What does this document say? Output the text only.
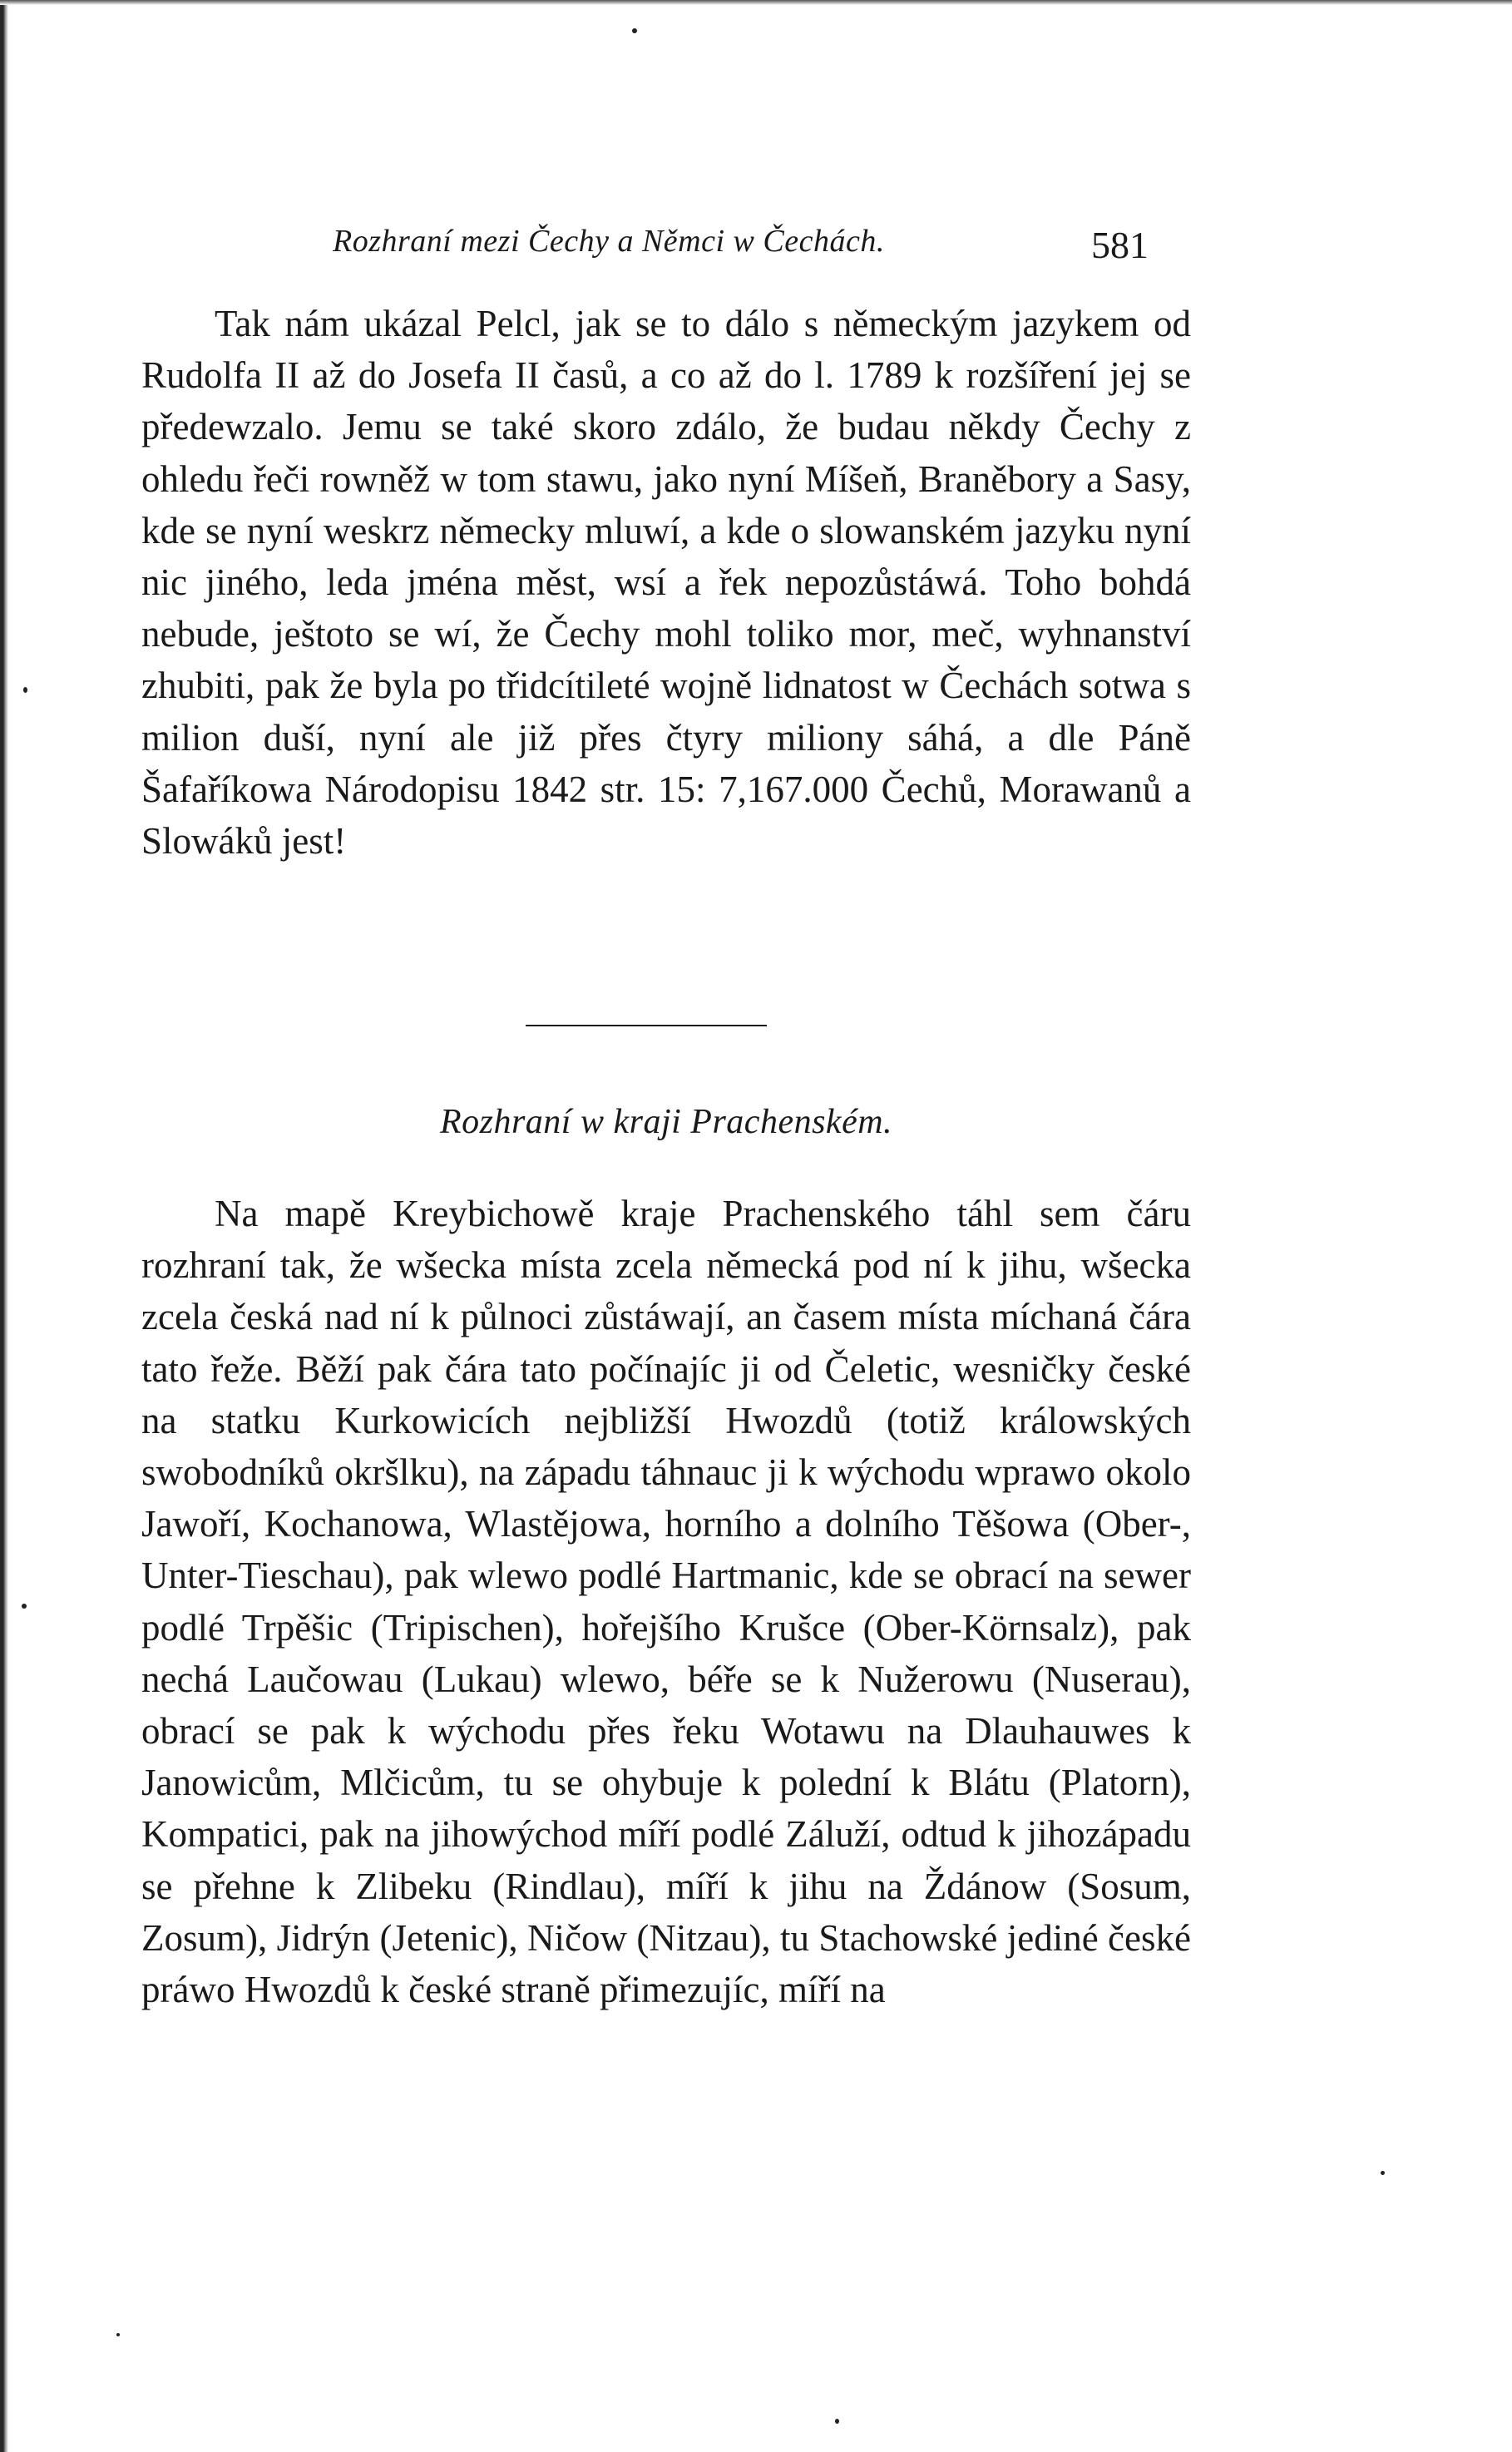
Rozhraní mezi Čechy a Němci w Čechách.	581

Tak nám ukázal Pelcl, jak se to dálo s německým jazykem od Rudolfa II až do Josefa II časů, a co až do l. 1789 k rozšíření jej se předewzalo. Jemu se také skoro zdálo, že budau někdy Čechy z ohledu řeči rowněž w tom stawu, jako nyní Míšeň, Braněbory a Sasy, kde se nyní weskrz německy mluwí, a kde o slowanském jazyku nyní nic jiného, leda jména měst, wsí a řek nepozůstáwá. Toho bohdá nebude, ještoto se wí, že Čechy mohl toliko mor, meč, wyhnanství zhubiti, pak že byla po třidcítileté wojně lidnatost w Čechách sotwa s milion duší, nyní ale již přes čtyry miliony sáhá, a dle Páně Šafaříkowa Národopisu 1842 str. 15: 7,167.000 Čechů, Morawanů a Slowáků jest!

Rozhraní w kraji Prachenském.

Na mapě Kreybichowě kraje Prachenského táhl sem čáru rozhraní tak, že wšecka místa zcela německá pod ní k jihu, wšecka zcela česká nad ní k půlnoci zůstáwají, an časem místa míchaná čára tato řeže. Běží pak čára tato počínajíc ji od Čeletic, wesničky české na statku Kurkowicích nejbližší Hwozdů (totiž králowských swobodníků okršlku), na západu táhnauc ji k wýchodu wprawo okolo Jawoří, Kochanowa, Wlastějowa, horního a dolního Těšowa (Ober-, Unter-Tieschau), pak wlewo podlé Hartmanic, kde se obrací na sewer podlé Trpěšic (Tripischen), hořejšího Krušce (Ober-Körnsalz), pak nechá Laučowau (Lukau) wlewo, béře se k Nužerowu (Nuserau), obrací se pak k wýchodu přes řeku Wotawu na Dlauhauwes k Janowicům, Mlčicům, tu se ohybuje k polední k Blátu (Platorn), Kompatici, pak na jihowýchod míří podlé Záluží, odtud k jihozápadu se přehne k Zlibeku (Rindlau), míří k jihu na Ždánow (Sosum, Zosum), Jidrýn (Jetenic), Ničow (Nitzau), tu Stachowské jediné české práwo Hwozdů k české straně přimezujíc, míří na
